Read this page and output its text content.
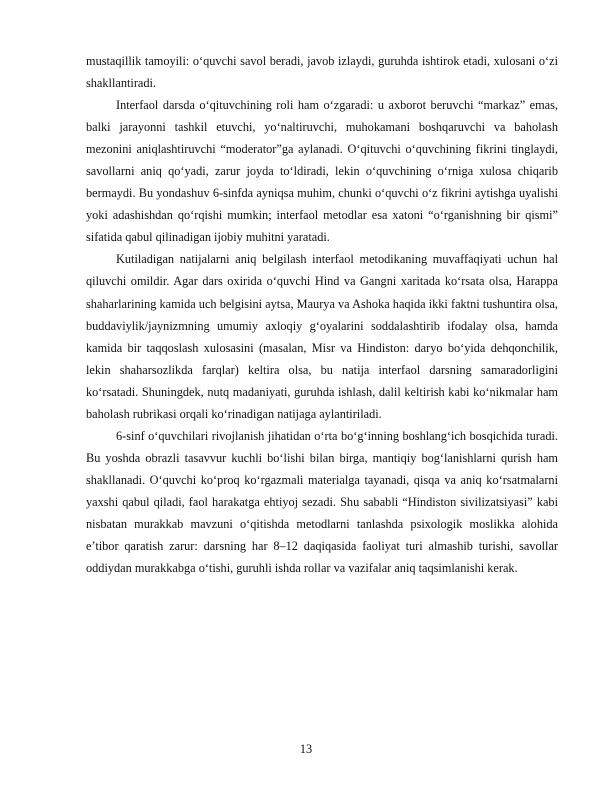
mustaqillik tamoyili: o‘quvchi savol beradi, javob izlaydi, guruhda ishtirok etadi, xulosani o‘zi shakllantiradi.

Interfaol darsda o‘qituvchining roli ham o‘zgaradi: u axborot beruvchi “markaz” emas, balki jarayonni tashkil etuvchi, yo‘naltiruvchi, muhokamani boshqaruvchi va baholash mezonini aniqlashtiruvchi “moderator”ga aylanadi. O‘qituvchi o‘quvchining fikrini tinglaydi, savollarni aniq qo‘yadi, zarur joyda to‘ldiradi, lekin o‘quvchining o‘rniga xulosa chiqarib bermaydi. Bu yondashuv 6-sinfda ayniqsa muhim, chunki o‘quvchi o‘z fikrini aytishga uyalishi yoki adashishdan qo‘rqishi mumkin; interfaol metodlar esa xatoni “o‘rganishning bir qismi” sifatida qabul qilinadigan ijobiy muhitni yaratadi.

Kutiladigan natijalarni aniq belgilash interfaol metodikaning muvaffaqiyati uchun hal qiluvchi omildir. Agar dars oxirida o‘quvchi Hind va Gangni xaritada ko‘rsata olsa, Harappa shaharlarining kamida uch belgisini aytsa, Maurya va Ashoka haqida ikki faktni tushuntira olsa, buddaviylik/jaynizmning umumiy axloqiy g‘oyalarini soddalashtirib ifodalay olsa, hamda kamida bir taqqoslash xulosasini (masalan, Misr va Hindiston: daryo bo‘yida dehqonchilik, lekin shaharsozlikda farqlar) keltira olsa, bu natija interfaol darsning samaradorligini ko‘rsatadi. Shuningdek, nutq madaniyati, guruhda ishlash, dalil keltirish kabi ko‘nikmalar ham baholash rubrikasi orqali ko‘rinadigan natijaga aylantiriladi.

6-sinf o‘quvchilari rivojlanish jihatidan o‘rta bo‘g‘inning boshlang‘ich bosqichida turadi. Bu yoshda obrazli tasavvur kuchli bo‘lishi bilan birga, mantiqiy bog‘lanishlarni qurish ham shakllanadi. O‘quvchi ko‘proq ko‘rgazmali materialga tayanadi, qisqa va aniq ko‘rsatmalarni yaxshi qabul qiladi, faol harakatga ehtiyoj sezadi. Shu sababli “Hindiston sivilizatsiyasi” kabi nisbatan murakkab mavzuni o‘qitishda metodlarni tanlashda psixologik moslikka alohida e’tibor qaratish zarur: darsning har 8–12 daqiqasida faoliyat turi almashib turishi, savollar oddiydan murakkabga o‘tishi, guruhli ishda rollar va vazifalar aniq taqsimlanishi kerak.

13
